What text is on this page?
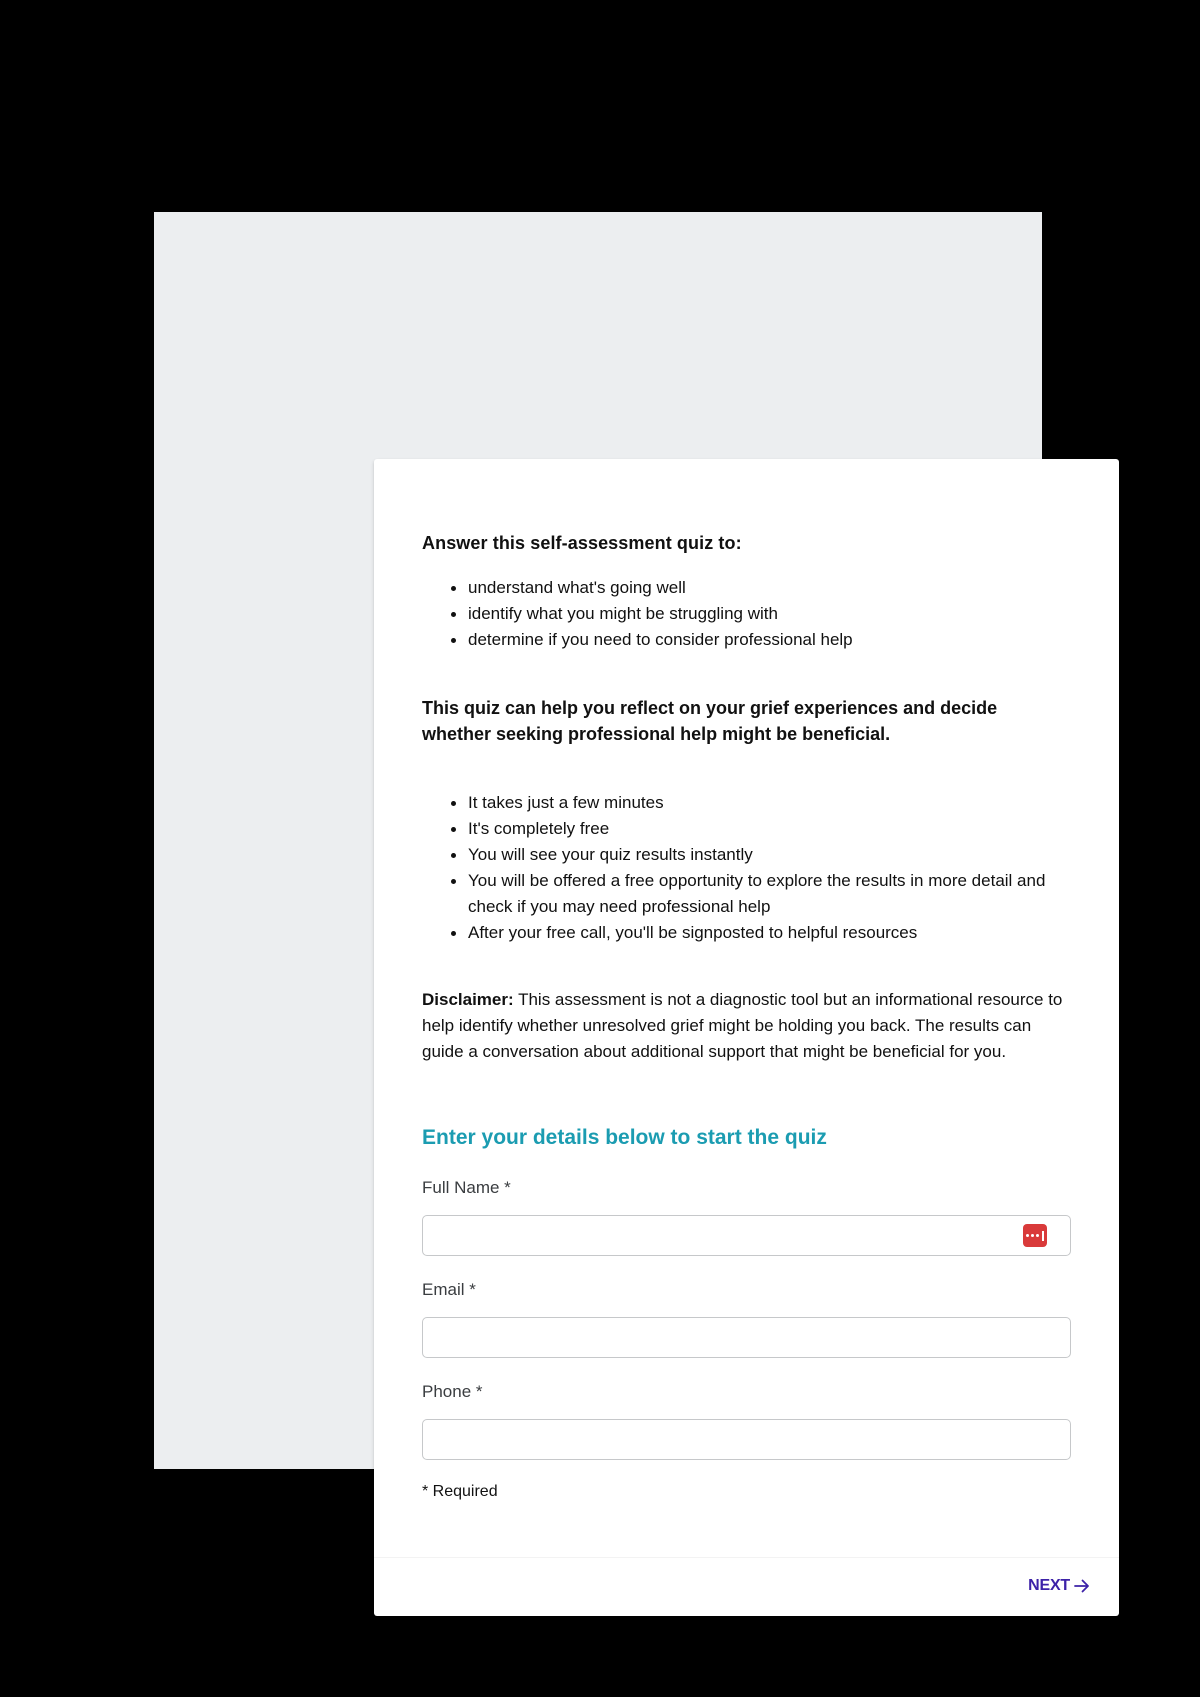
Answer this self-assessment quiz to:
understand what's going well
identify what you might be struggling with
determine if you need to consider professional help

This quiz can help you reflect on your grief experiences and decide whether seeking professional help might be beneficial.

It takes just a few minutes
It's completely free
You will see your quiz results instantly
You will be offered a free opportunity to explore the results in more detail and check if you may need professional help
After your free call, you'll be signposted to helpful resources

Disclaimer: This assessment is not a diagnostic tool but an informational resource to help identify whether unresolved grief might be holding you back. The results can guide a conversation about additional support that might be beneficial for you.

Enter your details below to start the quiz
Full Name *
Email *
Phone *

* Required

NEXT
